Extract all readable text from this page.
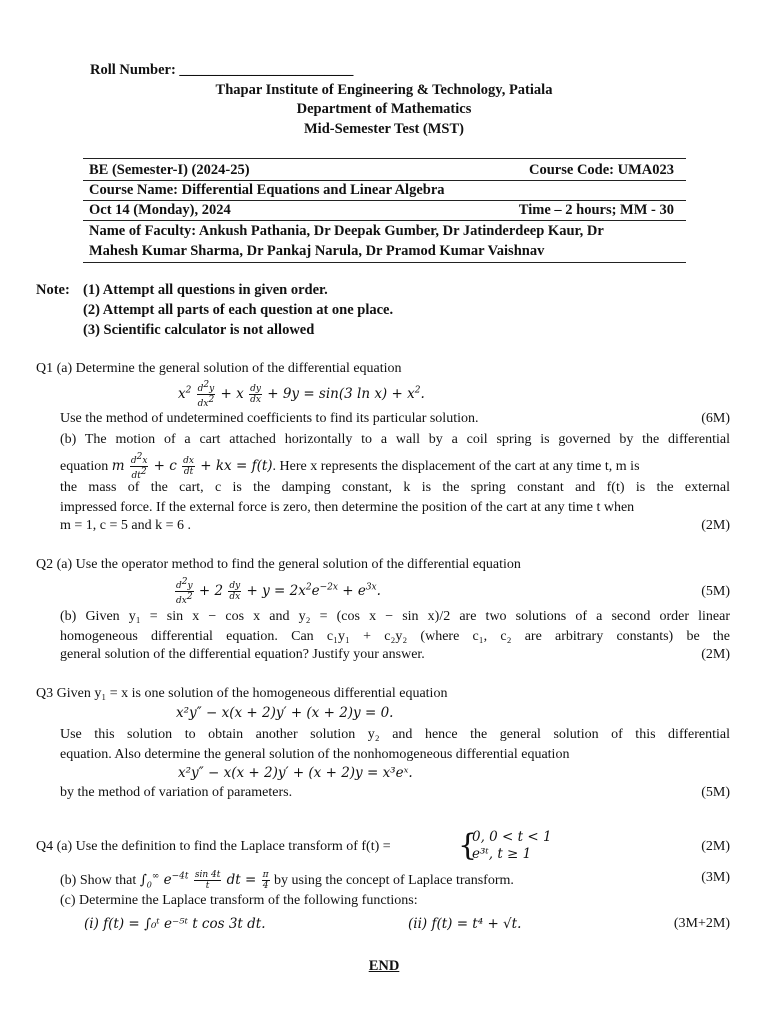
Roll Number: ________________________
Thapar Institute of Engineering & Technology, Patiala
Department of Mathematics
Mid-Semester Test (MST)
BE (Semester-I) (2024-25)	Course Code: UMA023
Course Name: Differential Equations and Linear Algebra
Oct 14 (Monday), 2024	Time – 2 hours; MM - 30
Name of Faculty: Ankush Pathania, Dr Deepak Gumber, Dr Jatinderdeep Kaur, Dr
Mahesh Kumar Sharma, Dr Pankaj Narula, Dr Pramod Kumar Vaishnav
Note: (1) Attempt all questions in given order.
(2) Attempt all parts of each question at one place.
(3) Scientific calculator is not allowed
Q1 (a) Determine the general solution of the differential equation
$x^2 \frac{d^2y}{dx^2} + x \frac{dy}{dx} + 9y = \sin(3$ $\ln x) + x^2$.
Use the method of undetermined coefficients to find its particular solution.	(6M)
(b) The motion of a cart attached horizontally to a wall by a coil spring is governed by the differential
equation m $\frac{d^2x}{dt^2} + c \frac{dx}{dt}$ + kx = f(t). Here x represents the displacement of the cart at any time t, m is
the mass of the cart, c is the damping constant, k is the spring constant and f(t) is the external
impressed force. If the external force is zero, then determine the position of the cart at any time t when
m = 1, c = 5 and k = 6 .	(2M)
Q2 (a) Use the operator method to find the general solution of the differential equation
$\frac{d^2y}{dx^2} + 2 \frac{dy}{dx} + y = 2x^2e^{-2x} + e^{3x}$.	(5M)
(b) Given y₁ = sin x − cos x and y₂ = (cos x − sin x)/2 are two solutions of a second order linear
homogeneous differential equation. Can c₁y₁ + c₂y₂ (where c₁, c₂ are arbitrary constants) be the
general solution of the differential equation? Justify your answer.	(2M)
Q3 Given y₁ = x is one solution of the homogeneous differential equation
x²y″ − x(x + 2)y′ + (x + 2)y = 0.
Use this solution to obtain another solution y₂ and hence the general solution of this differential
equation. Also determine the general solution of the nonhomogeneous differential equation
x²y″ − x(x + 2)y′ + (x + 2)y = x³eˣ.
by the method of variation of parameters.	(5M)
Q4 (a) Use the definition to find the Laplace transform of f(t) = {
0, 0 < t < 1
e³ᵗ, t ≥ 1	(2M)
(b) Show that $\int_0^\infty$ $e^{-4t} \frac{\sin 4t}{t}$ dt = $\frac{\pi}{4}$ by using the concept of Laplace transform.	(3M)
(c) Determine the Laplace transform of the following functions:
(i) f(t) = ∫₀ᵗ e⁻⁵ᵗ t cos 3t dt.	(ii) f(t) = t⁴ + √t.	(3M+2M)
END
